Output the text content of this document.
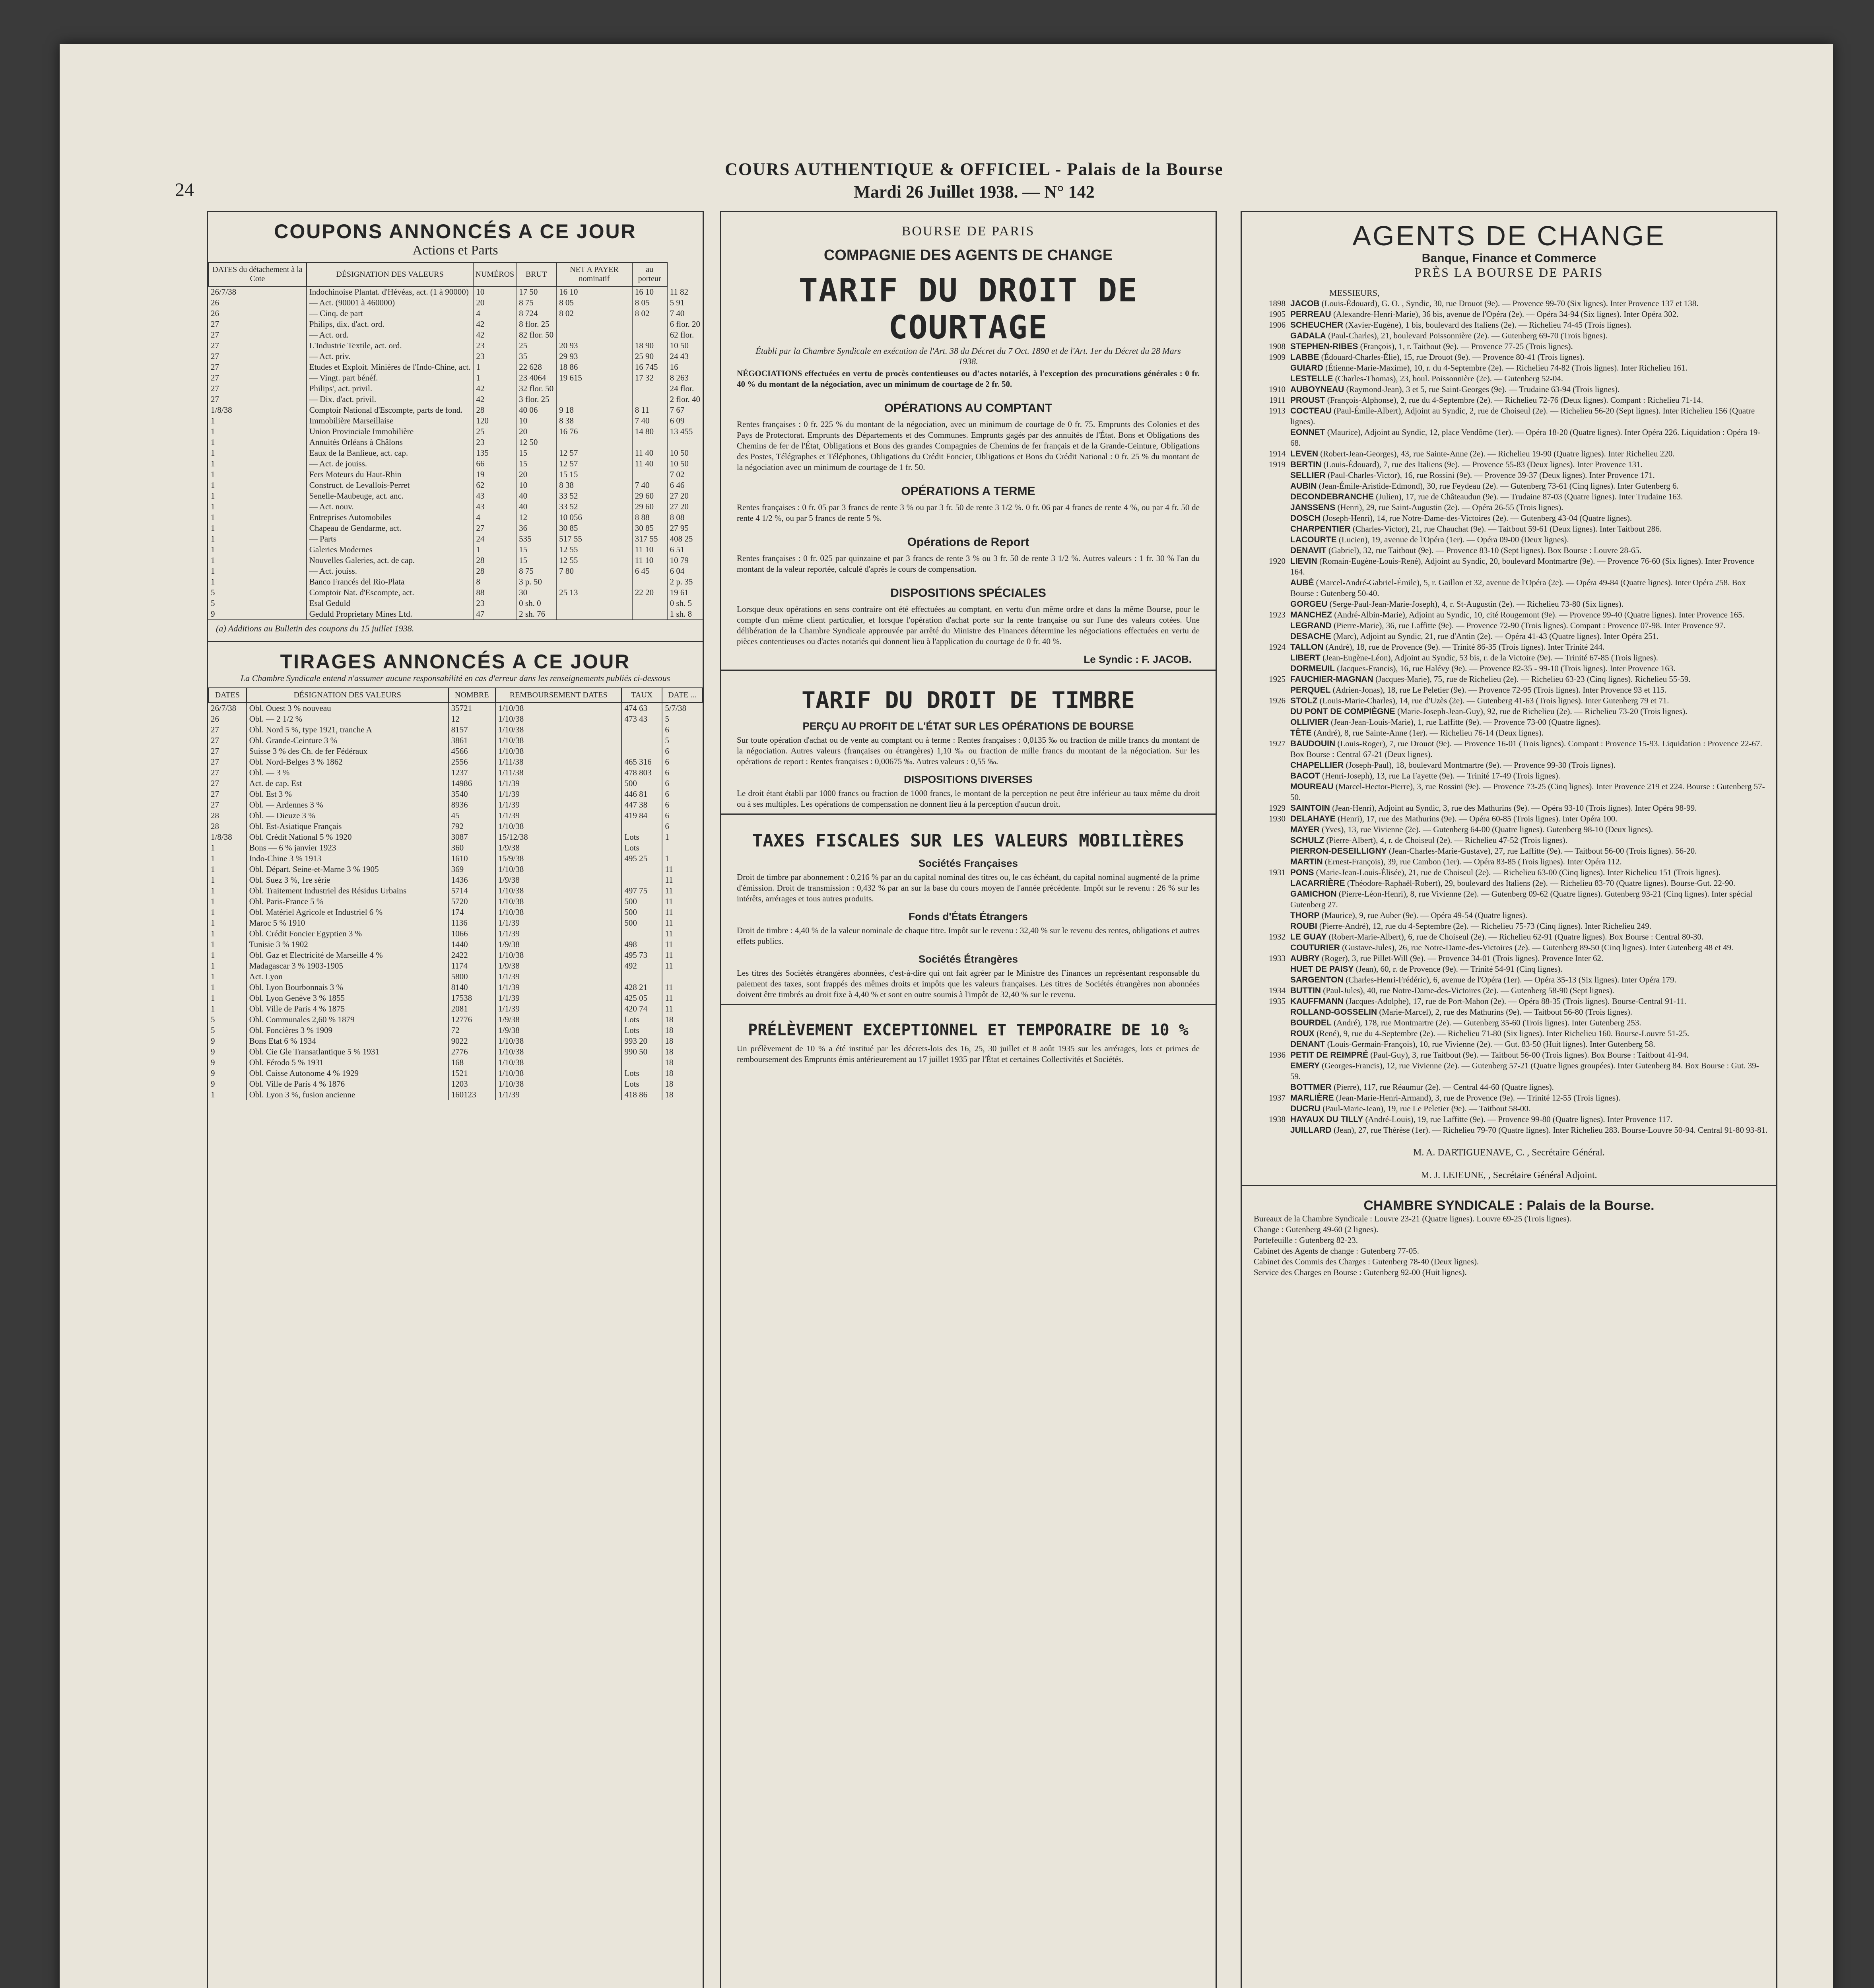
24
COURS AUTHENTIQUE & OFFICIEL - Palais de la Bourse
Mardi 26 Juillet 1938. — N° 142
COUPONS ANNONCÉS A CE JOUR
Actions et Parts
DATES du détachement à la Cote	DÉSIGNATION DES VALEURS	NUMÉROS	BRUT	NET A PAYER nominatif	au porteur	
26/7/38	Indochinoise Plantat. d'Hévéas, act. (1 à 90000)	10	17 50	16 10	16 10	11 82
26	— Act. (90001 à 460000)	20	8 75	8 05	8 05	5 91
26	— Cinq. de part	4	8 724	8 02	8 02	7 40
27	Philips, dix. d'act. ord.	42	8 flor. 25			6 flor. 20
27	— Act. ord.	42	82 flor. 50			62 flor.
27	L'Industrie Textile, act. ord.	23	25	20 93	18 90	10 50
27	— Act. priv.	23	35	29 93	25 90	24 43
27	Etudes et Exploit. Minières de l'Indo-Chine, act.	1	22 628	18 86	16 745	16
27	— Vingt. part bénéf.	1	23 4064	19 615	17 32	8 263
27	Philips', act. privil.	42	32 flor. 50			24 flor.
27	— Dix. d'act. privil.	42	3 flor. 25			2 flor. 40
1/8/38	Comptoir National d'Escompte, parts de fond.	28	40 06	9 18	8 11	7 67
1	Immobilière Marseillaise	120	10	8 38	7 40	6 09
1	Union Provinciale Immobilière	25	20	16 76	14 80	13 455
1	Annuités Orléans à Châlons	23	12 50			
1	Eaux de la Banlieue, act. cap.	135	15	12 57	11 40	10 50
1	— Act. de jouiss.	66	15	12 57	11 40	10 50
1	Fers Moteurs du Haut-Rhin	19	20	15 15		7 02
1	Construct. de Levallois-Perret	62	10	8 38	7 40	6 46
1	Senelle-Maubeuge, act. anc.	43	40	33 52	29 60	27 20
1	— Act. nouv.	43	40	33 52	29 60	27 20
1	Entreprises Automobiles	4	12	10 056	8 88	8 08
1	Chapeau de Gendarme, act.	27	36	30 85	30 85	27 95
1	— Parts	24	535	517 55	317 55	408 25
1	Galeries Modernes	1	15	12 55	11 10	6 51
1	Nouvelles Galeries, act. de cap.	28	15	12 55	11 10	10 79
1	— Act. jouiss.	28	8 75	7 80	6 45	6 04
1	Banco Francés del Rio-Plata	8	3 p. 50			2 p. 35
5	Comptoir Nat. d'Escompte, act.	88	30	25 13	22 20	19 61
5	Esal Geduld	23	0 sh. 0			0 sh. 5
9	Geduld Proprietary Mines Ltd.	47	2 sh. 76			1 sh. 8
(a) Additions au Bulletin des coupons du 15 juillet 1938.
TIRAGES ANNONCÉS A CE JOUR
La Chambre Syndicale entend n'assumer aucune responsabilité en cas d'erreur dans les renseignements publiés ci-dessous
DATES	DÉSIGNATION DES VALEURS	NOMBRE	REMBOURSEMENT DATES	TAUX	DATE ...
26/7/38	Obl. Ouest 3 % nouveau	35721	1/10/38	474 63	5/7/38
26	Obl. — 2 1/2 %	12	1/10/38	473 43	5
27	Obl. Nord 5 %, type 1921, tranche A	8157	1/10/38		6
27	Obl. Grande-Ceinture 3 %	3861	1/10/38		5
27	Suisse 3 % des Ch. de fer Fédéraux	4566	1/10/38		6
27	Obl. Nord-Belges 3 % 1862	2556	1/11/38	465 316	6
27	Obl. — 3 %	1237	1/11/38	478 803	6
27	Act. de cap. Est	14986	1/1/39	500	6
27	Obl. Est 3 %	3540	1/1/39	446 81	6
27	Obl. — Ardennes 3 %	8936	1/1/39	447 38	6
28	Obl. — Dieuze 3 %	45	1/1/39	419 84	6
28	Obl. Est-Asiatique Français	792	1/10/38		6
1/8/38	Obl. Crédit National 5 % 1920	3087	15/12/38	Lots	1
1	Bons — 6 % janvier 1923	360	1/9/38	Lots	
1	Indo-Chine 3 % 1913	1610	15/9/38	495 25	1
1	Obl. Départ. Seine-et-Marne 3 % 1905	369	1/10/38		11
1	Obl. Suez 3 %, 1re série	1436	1/9/38		11
1	Obl. Traitement Industriel des Résidus Urbains	5714	1/10/38	497 75	11
1	Obl. Paris-France 5 %	5720	1/10/38	500	11
1	Obl. Matériel Agricole et Industriel 6 %	174	1/10/38	500	11
1	Maroc 5 % 1910	1136	1/1/39	500	11
1	Obl. Crédit Foncier Egyptien 3 %	1066	1/1/39		11
1	Tunisie 3 % 1902	1440	1/9/38	498	11
1	Obl. Gaz et Electricité de Marseille 4 %	2422	1/10/38	495 73	11
1	Madagascar 3 % 1903-1905	1174	1/9/38	492	11
1	Act. Lyon	5800	1/1/39		
1	Obl. Lyon Bourbonnais 3 %	8140	1/1/39	428 21	11
1	Obl. Lyon Genève 3 % 1855	17538	1/1/39	425 05	11
1	Obl. Ville de Paris 4 % 1875	2081	1/1/39	420 74	11
5	Obl. Communales 2,60 % 1879	12776	1/9/38	Lots	18
5	Obl. Foncières 3 % 1909	72	1/9/38	Lots	18
9	Bons Etat 6 % 1934	9022	1/10/38	993 20	18
9	Obl. Cie Gle Transatlantique 5 % 1931	2776	1/10/38	990 50	18
9	Obl. Férodo 5 % 1931	168	1/10/38		18
9	Obl. Caisse Autonome 4 % 1929	1521	1/10/38	Lots	18
9	Obl. Ville de Paris 4 % 1876	1203	1/10/38	Lots	18
1	Obl. Lyon 3 %, fusion ancienne	160123	1/1/39	418 86	18
BOURSE DE PARIS
COMPAGNIE DES AGENTS DE CHANGE
TARIF DU DROIT DE COURTAGE
Établi par la Chambre Syndicale en exécution de l'Art. 38 du Décret du 7 Oct. 1890 et de l'Art. 1er du Décret du 28 Mars 1938.

NÉGOCIATIONS effectuées en vertu de procès contentieuses ou d'actes notariés, à l'exception des procurations générales : 0 fr. 40 % du montant de la négociation, avec un minimum de courtage de 2 fr. 50.

OPÉRATIONS AU COMPTANT

Rentes françaises : 0 fr. 225 % du montant de la négociation, avec un minimum de courtage de 0 fr. 75. Emprunts des Colonies et des Pays de Protectorat. Emprunts des Départements et des Communes. Emprunts gagés par des annuités de l'État. Bons et Obligations des Chemins de fer de l'État, Obligations et Bons des grandes Compagnies de Chemins de fer français et de la Grande-Ceinture, Obligations des Postes, Télégraphes et Téléphones, Obligations du Crédit Foncier, Obligations et Bons du Crédit National : 0 fr. 25 % du montant de la négociation avec un minimum de courtage de 1 fr. 50.

OPÉRATIONS A TERME

Rentes françaises : 0 fr. 05 par 3 francs de rente 3 % ou par 3 fr. 50 de rente 3 1/2 %. 0 fr. 06 par 4 francs de rente 4 %, ou par 4 fr. 50 de rente 4 1/2 %, ou par 5 francs de rente 5 %.

Opérations de Report

Rentes françaises : 0 fr. 025 par quinzaine et par 3 francs de rente 3 % ou 3 fr. 50 de rente 3 1/2 %. Autres valeurs : 1 fr. 30 % l'an du montant de la valeur reportée, calculé d'après le cours de compensation.

DISPOSITIONS SPÉCIALES

Lorsque deux opérations en sens contraire ont été effectuées au comptant, en vertu d'un même ordre et dans la même Bourse, pour le compte d'un même client particulier, et lorsque l'opération d'achat porte sur la rente française ou sur l'une des valeurs cotées. Une délibération de la Chambre Syndicale approuvée par arrêté du Ministre des Finances détermine les négociations effectuées en vertu de pièces contentieuses ou d'actes notariés qui donnent lieu à l'application du courtage de 0 fr. 40 %.

Le Syndic : F. JACOB.
TARIF DU DROIT DE TIMBRE
PERÇU AU PROFIT DE L'ÉTAT SUR LES OPÉRATIONS DE BOURSE

Sur toute opération d'achat ou de vente au comptant ou à terme : Rentes françaises : 0,0135 ‰ ou fraction de mille francs du montant de la négociation. Autres valeurs (françaises ou étrangères) 1,10 ‰ ou fraction de mille francs du montant de la négociation. Sur les opérations de report : Rentes françaises : 0,00675 ‰. Autres valeurs : 0,55 ‰.

DISPOSITIONS DIVERSES

Le droit étant établi par 1000 francs ou fraction de 1000 francs, le montant de la perception ne peut être inférieur au taux même du droit ou à ses multiples. Les opérations de compensation ne donnent lieu à la perception d'aucun droit.

TAXES FISCALES SUR LES VALEURS MOBILIÈRES
Sociétés Françaises

Droit de timbre par abonnement : 0,216 % par an du capital nominal des titres ou, le cas échéant, du capital nominal augmenté de la prime d'émission. Droit de transmission : 0,432 % par an sur la base du cours moyen de l'année précédente. Impôt sur le revenu : 26 % sur les intérêts, arrérages et tous autres produits.

Fonds d'États Étrangers

Droit de timbre : 4,40 % de la valeur nominale de chaque titre. Impôt sur le revenu : 32,40 % sur le revenu des rentes, obligations et autres effets publics.

Sociétés Étrangères

Les titres des Sociétés étrangères abonnées, c'est-à-dire qui ont fait agréer par le Ministre des Finances un représentant responsable du paiement des taxes, sont frappés des mêmes droits et impôts que les valeurs françaises. Les titres de Sociétés étrangères non abonnées doivent être timbrés au droit fixe à 4,40 % et sont en outre soumis à l'impôt de 32,40 % sur le revenu.

PRÉLÈVEMENT EXCEPTIONNEL ET TEMPORAIRE DE 10 %

Un prélèvement de 10 % a été institué par les décrets-lois des 16, 25, 30 juillet et 8 août 1935 sur les arrérages, lots et primes de remboursement des Emprunts émis antérieurement au 17 juillet 1935 par l'État et certaines Collectivités et Sociétés.

AGENTS DE CHANGE
Banque, Finance et Commerce
PRÈS LA BOURSE DE PARIS
MESSIEURS,
1898 JACOB (Louis-Édouard), G. O. , Syndic, 30, rue Drouot (9e). — Provence 99-70 (Six lignes). Inter Provence 137 et 138.
1905 PERREAU (Alexandre-Henri-Marie), 36 bis, avenue de l'Opéra (2e). — Opéra 34-94 (Six lignes). Inter Opéra 302.
1906 SCHEUCHER (Xavier-Eugène), 1 bis, boulevard des Italiens (2e). — Richelieu 74-45 (Trois lignes).
GADALA (Paul-Charles), 21, boulevard Poissonnière (2e). — Gutenberg 69-70 (Trois lignes).
1908 STEPHEN-RIBES (François), 1, r. Taitbout (9e). — Provence 77-25 (Trois lignes).
1909 LABBE (Édouard-Charles-Élie), 15, rue Drouot (9e). — Provence 80-41 (Trois lignes).
GUIARD (Étienne-Marie-Maxime), 10, r. du 4-Septembre (2e). — Richelieu 74-82 (Trois lignes). Inter Richelieu 161.
LESTELLE (Charles-Thomas), 23, boul. Poissonnière (2e). — Gutenberg 52-04.
1910 AUBOYNEAU (Raymond-Jean), 3 et 5, rue Saint-Georges (9e). — Trudaine 63-94 (Trois lignes).
1911 PROUST (François-Alphonse), 2, rue du 4-Septembre (2e). — Richelieu 72-76 (Deux lignes). Compant : Richelieu 71-14.
1913 COCTEAU (Paul-Émile-Albert), Adjoint au Syndic, 2, rue de Choiseul (2e). — Richelieu 56-20 (Sept lignes). Inter Richelieu 156 (Quatre lignes).
EONNET (Maurice), Adjoint au Syndic, 12, place Vendôme (1er). — Opéra 18-20 (Quatre lignes). Inter Opéra 226. Liquidation : Opéra 19-68.
1914 LEVEN (Robert-Jean-Georges), 43, rue Sainte-Anne (2e). — Richelieu 19-90 (Quatre lignes). Inter Richelieu 220.
1919 BERTIN (Louis-Édouard), 7, rue des Italiens (9e). — Provence 55-83 (Deux lignes). Inter Provence 131.
SELLIER (Paul-Charles-Victor), 16, rue Rossini (9e). — Provence 39-37 (Deux lignes). Inter Provence 171.
AUBIN (Jean-Émile-Aristide-Edmond), 30, rue Feydeau (2e). — Gutenberg 73-61 (Cinq lignes). Inter Gutenberg 6.
DECONDEBRANCHE (Julien), 17, rue de Châteaudun (9e). — Trudaine 87-03 (Quatre lignes). Inter Trudaine 163.
JANSSENS (Henri), 29, rue Saint-Augustin (2e). — Opéra 26-55 (Trois lignes).
DOSCH (Joseph-Henri), 14, rue Notre-Dame-des-Victoires (2e). — Gutenberg 43-04 (Quatre lignes).
CHARPENTIER (Charles-Victor), 21, rue Chauchat (9e). — Taitbout 59-61 (Deux lignes). Inter Taitbout 286.
LACOURTE (Lucien), 19, avenue de l'Opéra (1er). — Opéra 09-00 (Deux lignes).
DENAVIT (Gabriel), 32, rue Taitbout (9e). — Provence 83-10 (Sept lignes). Box Bourse : Louvre 28-65.
1920 LIEVIN (Romain-Eugène-Louis-René), Adjoint au Syndic, 20, boulevard Montmartre (9e). — Provence 76-60 (Six lignes). Inter Provence 164.
AUBÉ (Marcel-André-Gabriel-Émile), 5, r. Gaillon et 32, avenue de l'Opéra (2e). — Opéra 49-84 (Quatre lignes). Inter Opéra 258. Box Bourse : Gutenberg 50-40.
GORGEU (Serge-Paul-Jean-Marie-Joseph), 4, r. St-Augustin (2e). — Richelieu 73-80 (Six lignes).
1923 MANCHEZ (André-Albin-Marie), Adjoint au Syndic, 10, cité Rougemont (9e). — Provence 99-40 (Quatre lignes). Inter Provence 165.
LEGRAND (Pierre-Marie), 36, rue Laffitte (9e). — Provence 72-90 (Trois lignes). Compant : Provence 07-98. Inter Provence 97.
DESACHE (Marc), Adjoint au Syndic, 21, rue d'Antin (2e). — Opéra 41-43 (Quatre lignes). Inter Opéra 251.
1924 TALLON (André), 18, rue de Provence (9e). — Trinité 86-35 (Trois lignes). Inter Trinité 244.
LIBERT (Jean-Eugène-Léon), Adjoint au Syndic, 53 bis, r. de la Victoire (9e). — Trinité 67-85 (Trois lignes).
DORMEUIL (Jacques-Francis), 16, rue Halévy (9e). — Provence 82-35 - 99-10 (Trois lignes). Inter Provence 163.
1925 FAUCHIER-MAGNAN (Jacques-Marie), 75, rue de Richelieu (2e). — Richelieu 63-23 (Cinq lignes). Richelieu 55-59.
PERQUEL (Adrien-Jonas), 18, rue Le Peletier (9e). — Provence 72-95 (Trois lignes). Inter Provence 93 et 115.
1926 STOLZ (Louis-Marie-Charles), 14, rue d'Uzès (2e). — Gutenberg 41-63 (Trois lignes). Inter Gutenberg 79 et 71.
DU PONT DE COMPIÈGNE (Marie-Joseph-Jean-Guy), 92, rue de Richelieu (2e). — Richelieu 73-20 (Trois lignes).
OLLIVIER (Jean-Jean-Louis-Marie), 1, rue Laffitte (9e). — Provence 73-00 (Quatre lignes).
TÊTE (André), 8, rue Sainte-Anne (1er). — Richelieu 76-14 (Deux lignes).
1927 BAUDOUIN (Louis-Roger), 7, rue Drouot (9e). — Provence 16-01 (Trois lignes). Compant : Provence 15-93. Liquidation : Provence 22-67. Box Bourse : Central 67-21 (Deux lignes).
CHAPELLIER (Joseph-Paul), 18, boulevard Montmartre (9e). — Provence 99-30 (Trois lignes).
BACOT (Henri-Joseph), 13, rue La Fayette (9e). — Trinité 17-49 (Trois lignes).
MOUREAU (Marcel-Hector-Pierre), 3, rue Rossini (9e). — Provence 73-25 (Cinq lignes). Inter Provence 219 et 224. Bourse : Gutenberg 57-50.
1929 SAINTOIN (Jean-Henri), Adjoint au Syndic, 3, rue des Mathurins (9e). — Opéra 93-10 (Trois lignes). Inter Opéra 98-99.
1930 DELAHAYE (Henri), 17, rue des Mathurins (9e). — Opéra 60-85 (Trois lignes). Inter Opéra 100.
MAYER (Yves), 13, rue Vivienne (2e). — Gutenberg 64-00 (Quatre lignes). Gutenberg 98-10 (Deux lignes).
SCHULZ (Pierre-Albert), 4, r. de Choiseul (2e). — Richelieu 47-52 (Trois lignes).
PIERRON-DESEILLIGNY (Jean-Charles-Marie-Gustave), 27, rue Laffitte (9e). — Taitbout 56-00 (Trois lignes). 56-20.
MARTIN (Ernest-François), 39, rue Cambon (1er). — Opéra 83-85 (Trois lignes). Inter Opéra 112.
1931 PONS (Marie-Jean-Louis-Élisée), 21, rue de Choiseul (2e). — Richelieu 63-00 (Cinq lignes). Inter Richelieu 151 (Trois lignes).
LACARRIÈRE (Théodore-Raphaël-Robert), 29, boulevard des Italiens (2e). — Richelieu 83-70 (Quatre lignes). Bourse-Gut. 22-90.
GAMICHON (Pierre-Léon-Henri), 8, rue Vivienne (2e). — Gutenberg 09-62 (Quatre lignes). Gutenberg 93-21 (Cinq lignes). Inter spécial Gutenberg 27.
THORP (Maurice), 9, rue Auber (9e). — Opéra 49-54 (Quatre lignes).
ROUBI (Pierre-André), 12, rue du 4-Septembre (2e). — Richelieu 75-73 (Cinq lignes). Inter Richelieu 249.
1932 LE GUAY (Robert-Marie-Albert), 6, rue de Choiseul (2e). — Richelieu 62-91 (Quatre lignes). Box Bourse : Central 80-30.
COUTURIER (Gustave-Jules), 26, rue Notre-Dame-des-Victoires (2e). — Gutenberg 89-50 (Cinq lignes). Inter Gutenberg 48 et 49.
1933 AUBRY (Roger), 3, rue Pillet-Will (9e). — Provence 34-01 (Trois lignes). Provence Inter 62.
HUET DE PAISY (Jean), 60, r. de Provence (9e). — Trinité 54-91 (Cinq lignes).
SARGENTON (Charles-Henri-Frédéric), 6, avenue de l'Opéra (1er). — Opéra 35-13 (Six lignes). Inter Opéra 179.
1934 BUTTIN (Paul-Jules), 40, rue Notre-Dame-des-Victoires (2e). — Gutenberg 58-90 (Sept lignes).
1935 KAUFFMANN (Jacques-Adolphe), 17, rue de Port-Mahon (2e). — Opéra 88-35 (Trois lignes). Bourse-Central 91-11.
ROLLAND-GOSSELIN (Marie-Marcel), 2, rue des Mathurins (9e). — Taitbout 56-80 (Trois lignes).
BOURDEL (André), 178, rue Montmartre (2e). — Gutenberg 35-60 (Trois lignes). Inter Gutenberg 253.
ROUX (René), 9, rue du 4-Septembre (2e). — Richelieu 71-80 (Six lignes). Inter Richelieu 160. Bourse-Louvre 51-25.
DENANT (Louis-Germain-François), 10, rue Vivienne (2e). — Gut. 83-50 (Huit lignes). Inter Gutenberg 58.
1936 PETIT DE REIMPRÉ (Paul-Guy), 3, rue Taitbout (9e). — Taitbout 56-00 (Trois lignes). Box Bourse : Taitbout 41-94.
EMERY (Georges-Francis), 12, rue Vivienne (2e). — Gutenberg 57-21 (Quatre lignes groupées). Inter Gutenberg 84. Box Bourse : Gut. 39-59.
BOTTMER (Pierre), 117, rue Réaumur (2e). — Central 44-60 (Quatre lignes).
1937 MARLIÈRE (Jean-Marie-Henri-Armand), 3, rue de Provence (9e). — Trinité 12-55 (Trois lignes).
DUCRU (Paul-Marie-Jean), 19, rue Le Peletier (9e). — Taitbout 58-00.
1938 HAYAUX DU TILLY (André-Louis), 19, rue Laffitte (9e). — Provence 99-80 (Quatre lignes). Inter Provence 117.
JUILLARD (Jean), 27, rue Thérèse (1er). — Richelieu 79-70 (Quatre lignes). Inter Richelieu 283. Bourse-Louvre 50-94. Central 91-80 93-81.
M. A. DARTIGUENAVE, C. , Secrétaire Général.
M. J. LEJEUNE, , Secrétaire Général Adjoint.
CHAMBRE SYNDICALE : Palais de la Bourse.
Bureaux de la Chambre Syndicale : Louvre 23-21 (Quatre lignes). Louvre 69-25 (Trois lignes).
Change : Gutenberg 49-60 (2 lignes).
Portefeuille : Gutenberg 82-23.
Cabinet des Agents de change : Gutenberg 77-05.
Cabinet des Commis des Charges : Gutenberg 78-40 (Deux lignes).
Service des Charges en Bourse : Gutenberg 92-00 (Huit lignes).
